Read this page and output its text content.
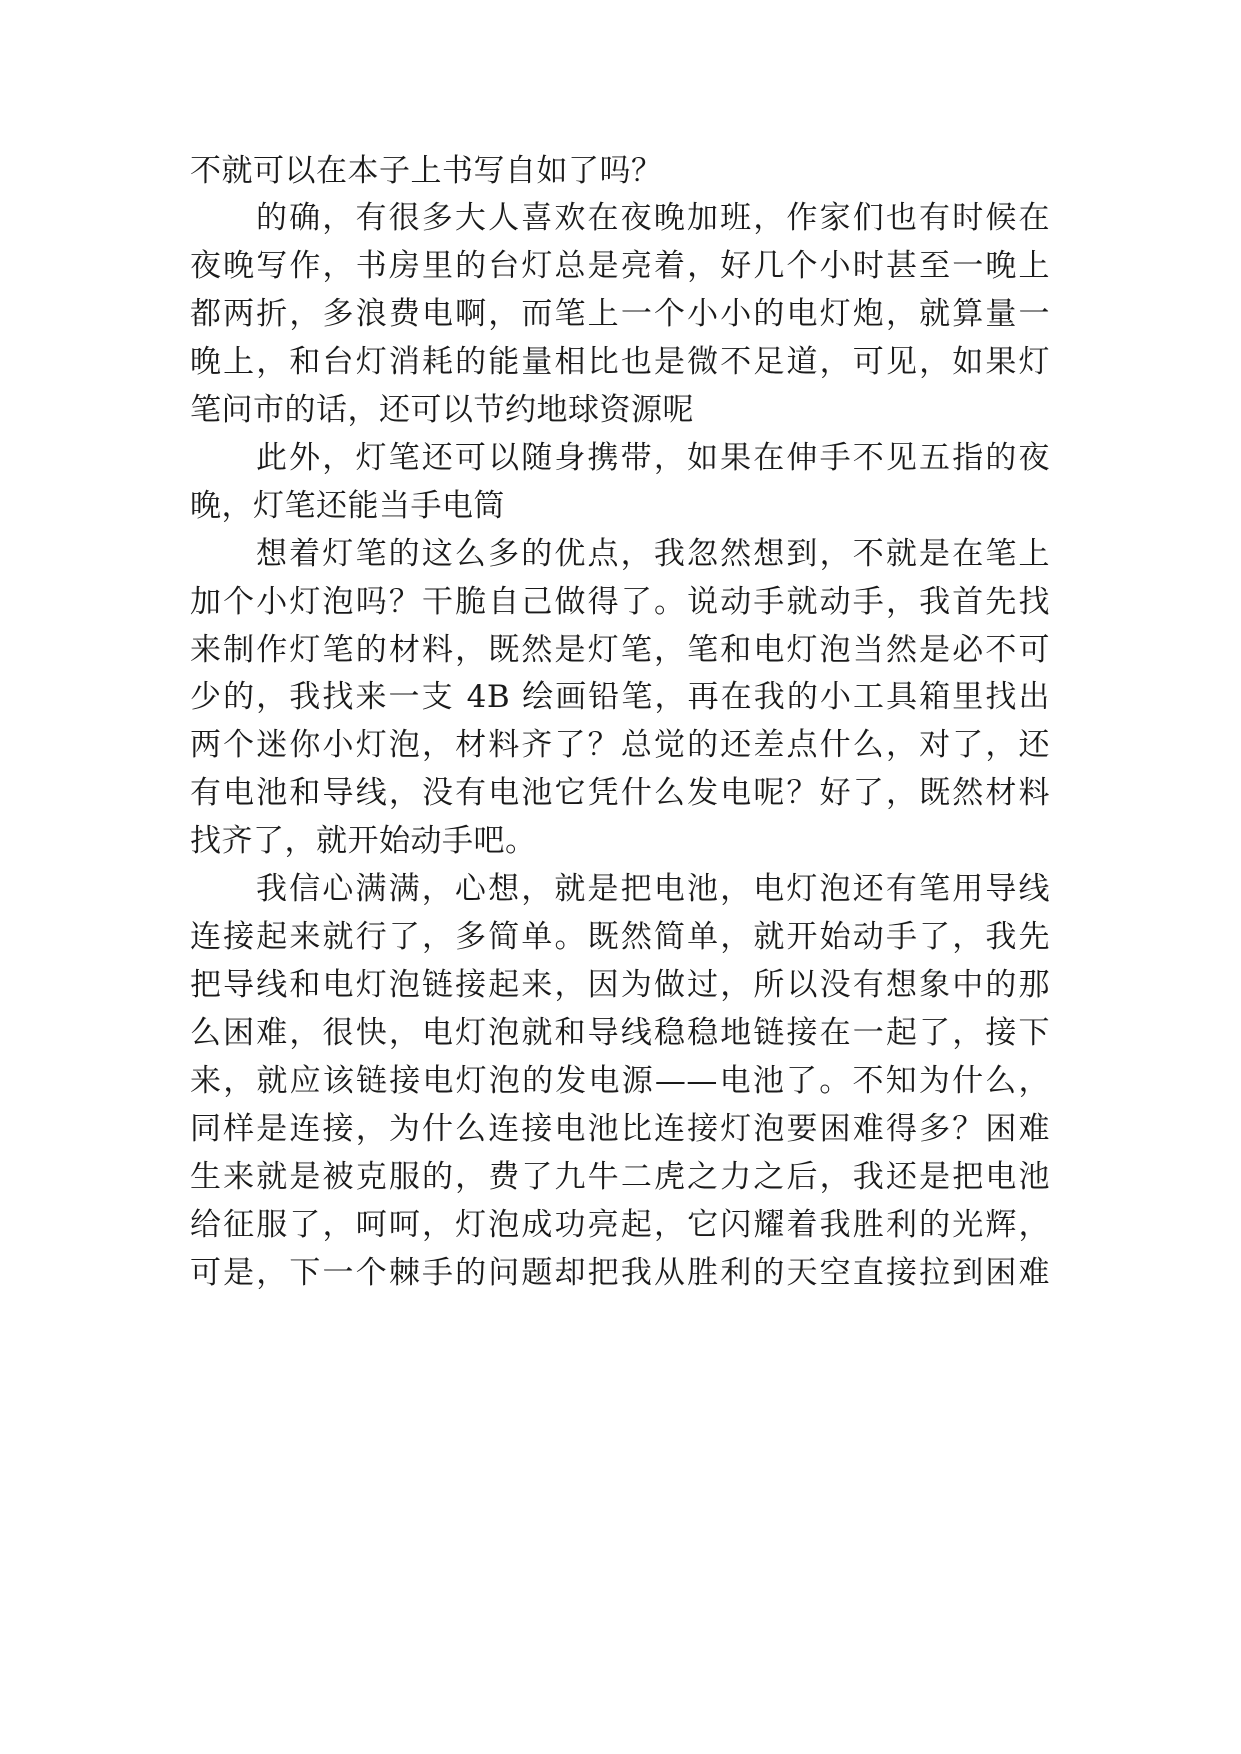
不就可以在本子上书写自如了吗？
的确，有很多大人喜欢在夜晚加班，作家们也有时候在
夜晚写作，书房里的台灯总是亮着，好几个小时甚至一晚上
都两折，多浪费电啊，而笔上一个小小的电灯炮，就算量一
晚上，和台灯消耗的能量相比也是微不足道，可见，如果灯
笔问市的话，还可以节约地球资源呢
此外，灯笔还可以随身携带，如果在伸手不见五指的夜
晚，灯笔还能当手电筒
想着灯笔的这么多的优点，我忽然想到，不就是在笔上
加个小灯泡吗？干脆自己做得了。说动手就动手，我首先找
来制作灯笔的材料，既然是灯笔，笔和电灯泡当然是必不可
少的，我找来一支 4B 绘画铅笔，再在我的小工具箱里找出
两个迷你小灯泡，材料齐了？总觉的还差点什么，对了，还
有电池和导线，没有电池它凭什么发电呢？好了，既然材料
找齐了，就开始动手吧。
我信心满满，心想，就是把电池，电灯泡还有笔用导线
连接起来就行了，多简单。既然简单，就开始动手了，我先
把导线和电灯泡链接起来，因为做过，所以没有想象中的那
么困难，很快，电灯泡就和导线稳稳地链接在一起了，接下
来，就应该链接电灯泡的发电源——电池了。不知为什么，
同样是连接，为什么连接电池比连接灯泡要困难得多？困难
生来就是被克服的，费了九牛二虎之力之后，我还是把电池
给征服了，呵呵，灯泡成功亮起，它闪耀着我胜利的光辉，
可是，下一个棘手的问题却把我从胜利的天空直接拉到困难
